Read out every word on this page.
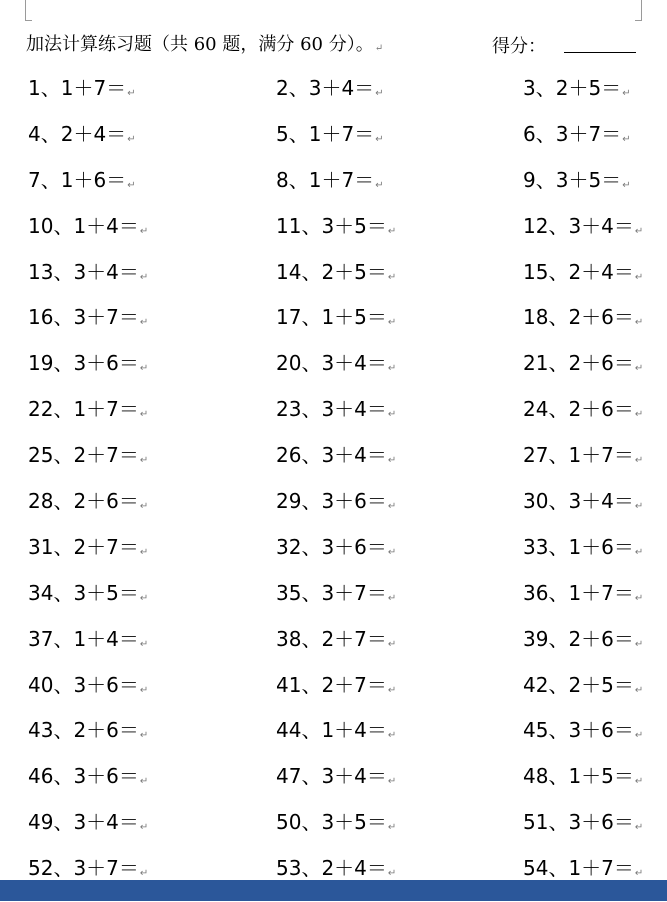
加法计算练习题（共 60 题，满分 60 分）。↵	得分：
1、1＋7＝↵	2、3＋4＝↵	3、2＋5＝↵
4、2＋4＝↵	5、1＋7＝↵	6、3＋7＝↵
7、1＋6＝↵	8、1＋7＝↵	9、3＋5＝↵
10、1＋4＝↵	11、3＋5＝↵	12、3＋4＝↵
13、3＋4＝↵	14、2＋5＝↵	15、2＋4＝↵
16、3＋7＝↵	17、1＋5＝↵	18、2＋6＝↵
19、3＋6＝↵	20、3＋4＝↵	21、2＋6＝↵
22、1＋7＝↵	23、3＋4＝↵	24、2＋6＝↵
25、2＋7＝↵	26、3＋4＝↵	27、1＋7＝↵
28、2＋6＝↵	29、3＋6＝↵	30、3＋4＝↵
31、2＋7＝↵	32、3＋6＝↵	33、1＋6＝↵
34、3＋5＝↵	35、3＋7＝↵	36、1＋7＝↵
37、1＋4＝↵	38、2＋7＝↵	39、2＋6＝↵
40、3＋6＝↵	41、2＋7＝↵	42、2＋5＝↵
43、2＋6＝↵	44、1＋4＝↵	45、3＋6＝↵
46、3＋6＝↵	47、3＋4＝↵	48、1＋5＝↵
49、3＋4＝↵	50、3＋5＝↵	51、3＋6＝↵
52、3＋7＝↵	53、2＋4＝↵	54、1＋7＝↵
